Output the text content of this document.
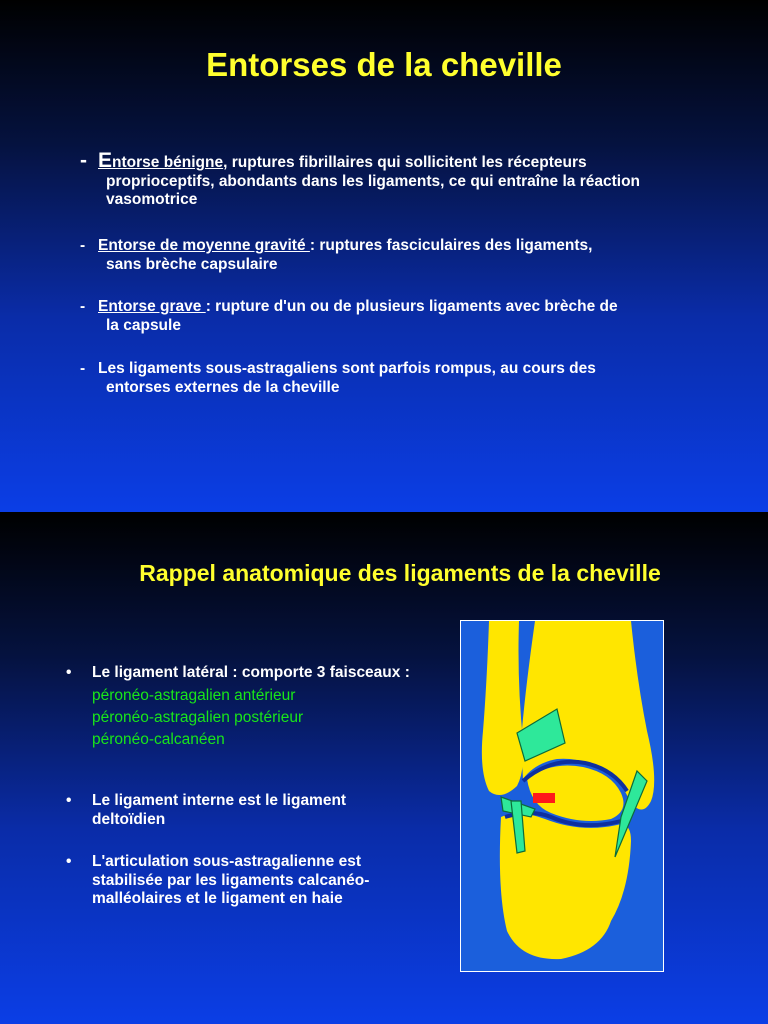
Entorses de la cheville
- Entorse bénigne, ruptures fibrillaires qui sollicitent les récepteurs
proprioceptifs, abondants dans les ligaments, ce qui entraîne la réaction vasomotrice
- Entorse de moyenne gravité : ruptures fasciculaires des ligaments,
sans brèche capsulaire
- Entorse grave : rupture d'un ou de plusieurs ligaments avec brèche de
la capsule
- Les ligaments sous-astragaliens sont parfois rompus, au cours des
entorses externes de la cheville
Rappel anatomique des ligaments de la cheville
• Le ligament latéral : comporte 3 faisceaux :
péronéo-astragalien antérieur
péronéo-astragalien postérieur
péronéo-calcanéen
• Le ligament interne est le ligament deltoïdien
• L'articulation sous-astragalienne est stabilisée par les ligaments calcanéo-malléolaires et le ligament en haie
